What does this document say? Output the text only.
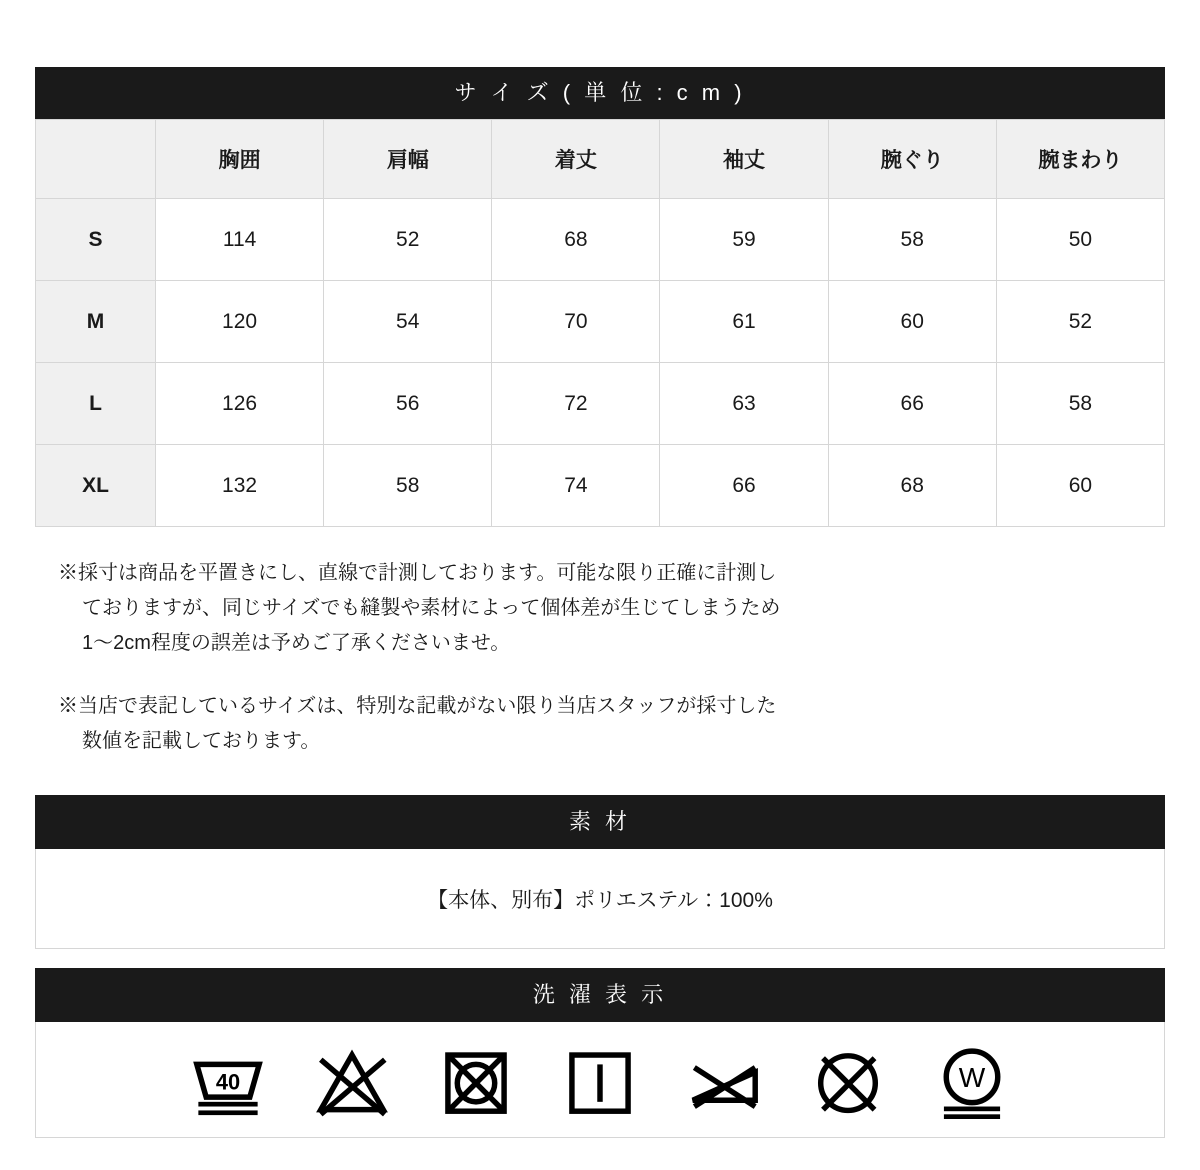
サ イ ズ ( 単 位 : c m )
	胸囲	肩幅	着丈	袖丈	腕ぐり	腕まわり
S	114	52	68	59	58	50
M	120	54	70	61	60	52
L	126	56	72	63	66	58
XL	132	58	74	66	68	60

※採寸は商品を平置きにし、直線で計測しております。可能な限り正確に計測し
ておりますが、同じサイズでも縫製や素材によって個体差が生じてしまうため
1〜2cm程度の誤差は予めご了承くださいませ。

※当店で表記しているサイズは、特別な記載がない限り当店スタッフが採寸した
数値を記載しております。

素 材
【本体、別布】ポリエステル：100%
洗 濯 表 示
40	W
